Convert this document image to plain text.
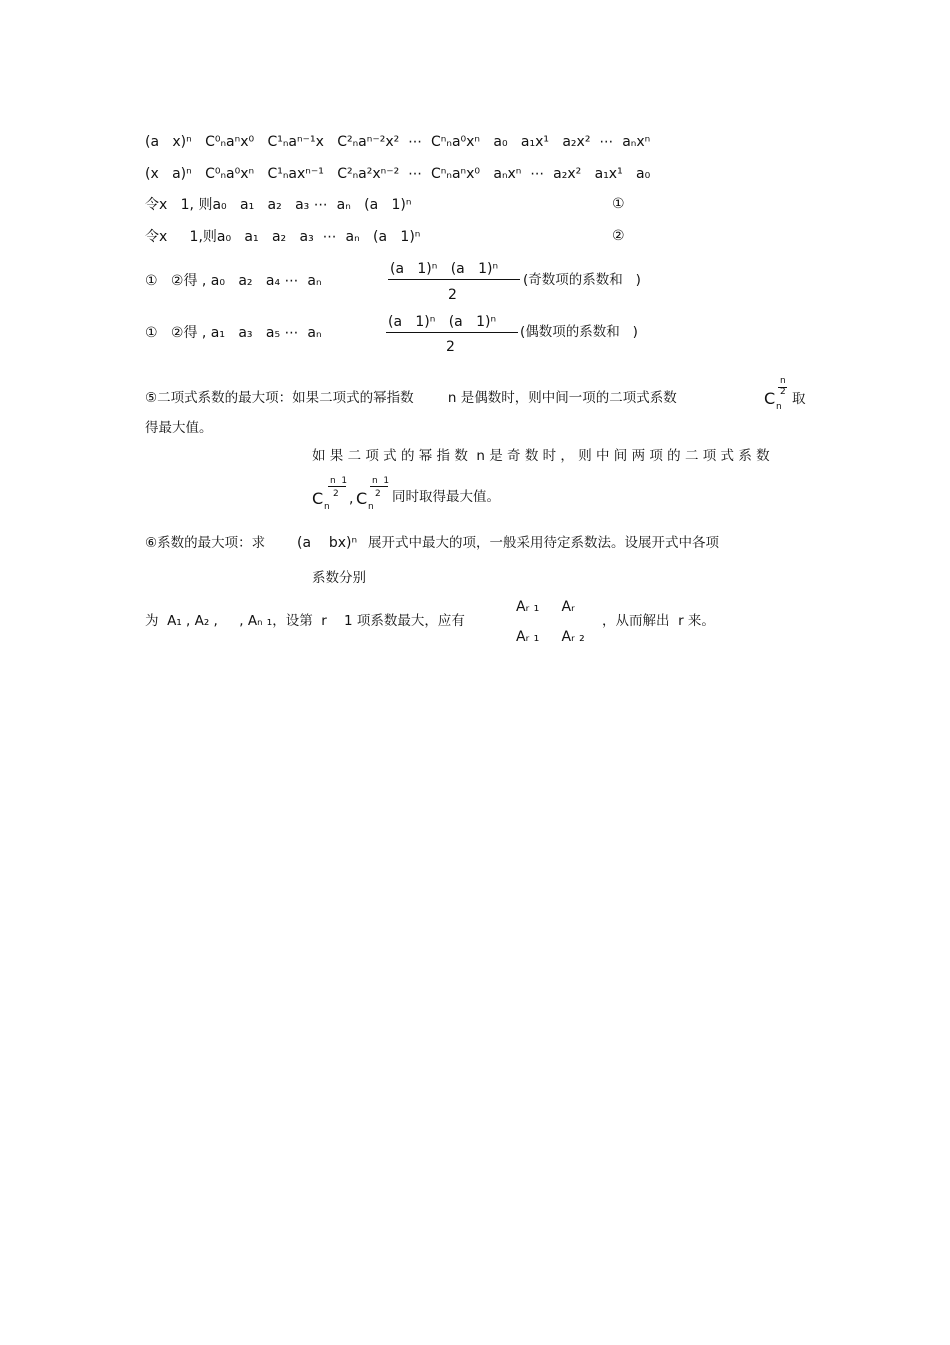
(a   x)ⁿ   C⁰ₙaⁿx⁰   C¹ₙaⁿ⁻¹x   C²ₙaⁿ⁻²x²  ⋯  Cⁿₙa⁰xⁿ   a₀   a₁x¹   a₂x²  ⋯  aₙxⁿ
(x   a)ⁿ   C⁰ₙa⁰xⁿ   C¹ₙaxⁿ⁻¹   C²ₙa²xⁿ⁻²  ⋯  Cⁿₙaⁿx⁰   aₙxⁿ  ⋯  a₂x²   a₁x¹   a₀
令x   1, 则a₀   a₁   a₂   a₃ ⋯  aₙ   (a   1)ⁿ	①
令x     1,则a₀   a₁   a₂   a₃  ⋯  aₙ   (a   1)ⁿ	②
①   ②得 , a₀   a₂   a₄ ⋯  aₙ
(a   1)ⁿ   (a   1)ⁿ
2
(奇数项的系数和   )
①   ②得 , a₁   a₃   a₅ ⋯  aₙ
(a   1)ⁿ   (a   1)ⁿ
2
(偶数项的系数和   )
⑤二项式系数的最大项：如果二项式的幂指数        n 是偶数时，则中间一项的二项式系数
n
2
C n 取
得最大值。
如 果 二 项 式 的 幂 指 数  n 是 奇 数 时 ， 则 中 间 两 项 的 二 项 式 系 数
n  1
2
C n ,
n  1
2
C n
同时取得最大值。
⑥系数的最大项：求 (a    bx)ⁿ 展开式中最大的项，一般采用待定系数法。设展开式中各项
系数分别
为  A₁ , A₂ ,     , Aₙ ₁，设第  r    1 项系数最大，应有
Aᵣ ₁     Aᵣ
Aᵣ ₁     Aᵣ ₂
，从而解出  r 来。
